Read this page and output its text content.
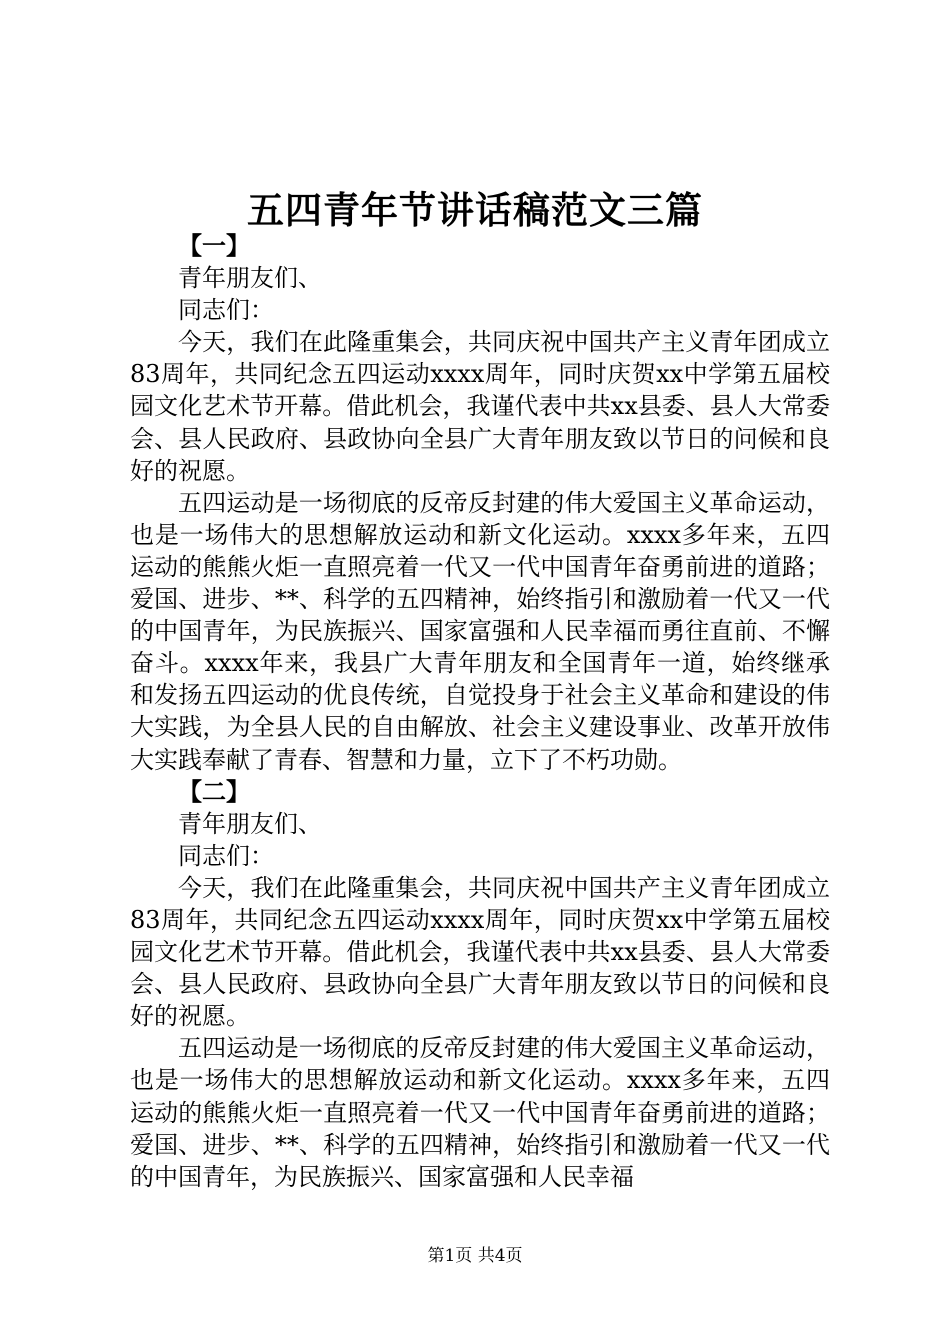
五四青年节讲话稿范文三篇

【一】

青年朋友们、

同志们：

今天，我们在此隆重集会，共同庆祝中国共产主义青年团成立83周年，共同纪念五四运动xxxx周年，同时庆贺xx中学第五届校园文化艺术节开幕。借此机会，我谨代表中共xx县委、县人大常委会、县人民政府、县政协向全县广大青年朋友致以节日的问候和良好的祝愿。

五四运动是一场彻底的反帝反封建的伟大爱国主义革命运动，也是一场伟大的思想解放运动和新文化运动。xxxx多年来，五四运动的熊熊火炬一直照亮着一代又一代中国青年奋勇前进的道路；爱国、进步、**、科学的五四精神，始终指引和激励着一代又一代的中国青年，为民族振兴、国家富强和人民幸福而勇往直前、不懈奋斗。xxxx年来，我县广大青年朋友和全国青年一道，始终继承和发扬五四运动的优良传统，自觉投身于社会主义革命和建设的伟大实践，为全县人民的自由解放、社会主义建设事业、改革开放伟大实践奉献了青春、智慧和力量，立下了不朽功勋。

【二】

青年朋友们、

同志们：

今天，我们在此隆重集会，共同庆祝中国共产主义青年团成立83周年，共同纪念五四运动xxxx周年，同时庆贺xx中学第五届校园文化艺术节开幕。借此机会，我谨代表中共xx县委、县人大常委会、县人民政府、县政协向全县广大青年朋友致以节日的问候和良好的祝愿。

五四运动是一场彻底的反帝反封建的伟大爱国主义革命运动，也是一场伟大的思想解放运动和新文化运动。xxxx多年来，五四运动的熊熊火炬一直照亮着一代又一代中国青年奋勇前进的道路；爱国、进步、**、科学的五四精神，始终指引和激励着一代又一代的中国青年，为民族振兴、国家富强和人民幸福

第1页 共4页
